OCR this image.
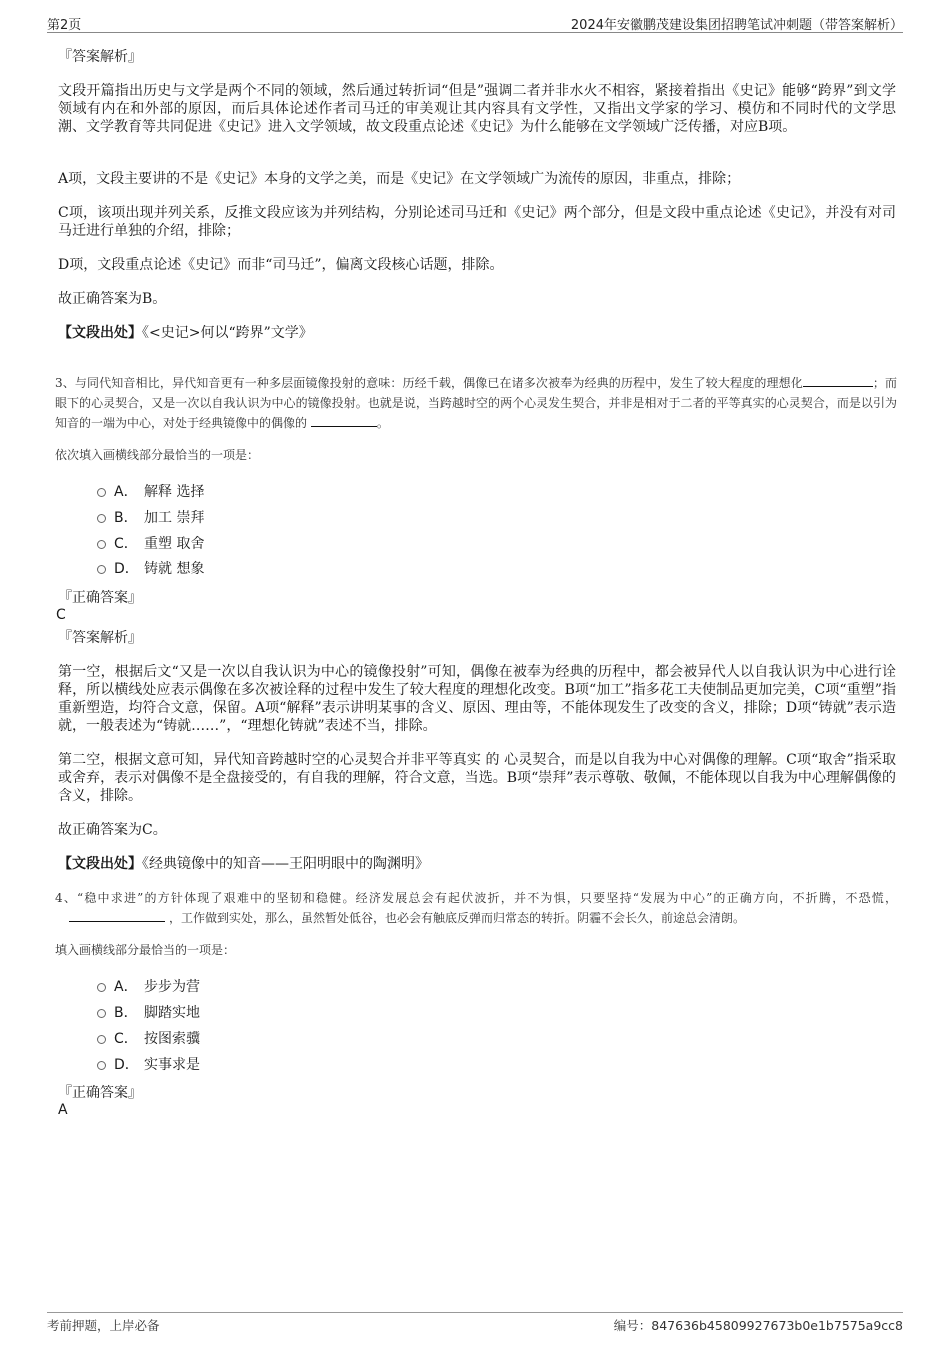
第2页	2024年安徽鹏茂建设集团招聘笔试冲刺题（带答案解析）
『答案解析』
文段开篇指出历史与文学是两个不同的领域，然后通过转折词“但是”强调二者并非水火不相容，紧接着指出《史记》能够“跨界”到文学领域有内在和外部的原因，而后具体论述作者司马迁的审美观让其内容具有文学性，又指出文学家的学习、模仿和不同时代的文学思潮、文学教育等共同促进《史记》进入文学领域，故文段重点论述《史记》为什么能够在文学领域广泛传播，对应B项。
A项，文段主要讲的不是《史记》本身的文学之美，而是《史记》在文学领域广为流传的原因，非重点，排除；
C项，该项出现并列关系，反推文段应该为并列结构，分别论述司马迁和《史记》两个部分，但是文段中重点论述《史记》，并没有对司马迁进行单独的介绍，排除；
D项，文段重点论述《史记》而非“司马迁”，偏离文段核心话题，排除。
故正确答案为B。
【文段出处】《<史记>何以“跨界”文学》
3、与同代知音相比，异代知音更有一种多层面镜像投射的意味：历经千载，偶像已在诸多次被奉为经典的历程中，发生了较大程度的理想化	；而眼下的心灵契合，又是一次以自我认识为中心的镜像投射。也就是说，当跨越时空的两个心灵发生契合，并非是相对于二者的平等真实的心灵契合，而是以引为知音的一端为中心，对处于经典镜像中的偶像的	。
依次填入画横线部分最恰当的一项是：
A． 解释 选择
B． 加工 崇拜
C． 重塑 取舍
D． 铸就 想象
『正确答案』
C
『答案解析』
第一空，根据后文“又是一次以自我认识为中心的镜像投射”可知，偶像在被奉为经典的历程中，都会被异代人以自我认识为中心进行诠释，所以横线处应表示偶像在多次被诠释的过程中发生了较大程度的理想化改变。B项“加工”指多花工夫使制品更加完美，C项“重塑”指重新塑造，均符合文意，保留。A项“解释”表示讲明某事的含义、原因、理由等，不能体现发生了改变的含义，排除；D项“铸就”表示造就，一般表述为“铸就……”，“理想化铸就”表述不当，排除。
第二空，根据文意可知，异代知音跨越时空的心灵契合并非平等真实 的 心灵契合，而是以自我为中心对偶像的理解。C项“取舍”指采取或舍弃，表示对偶像不是全盘接受的，有自我的理解，符合文意，当选。B项“崇拜”表示尊敬、敬佩，不能体现以自我为中心理解偶像的含义，排除。
故正确答案为C。
【文段出处】《经典镜像中的知音——王阳明眼中的陶渊明》
4、“稳中求进”的方针体现了艰难中的坚韧和稳健。经济发展总会有起伏波折，并不为惧，只要坚持“发展为中心”的正确方向，不折腾，不恐慌，，工作做到实处，那么，虽然暂处低谷，也必会有触底反弹而归常态的转折。阴霾不会长久，前途总会清朗。
填入画横线部分最恰当的一项是：
A． 步步为营
B． 脚踏实地
C． 按图索骥
D． 实事求是
『正确答案』
A
考前押题，上岸必备	编号：847636b45809927673b0e1b7575a9cc8
